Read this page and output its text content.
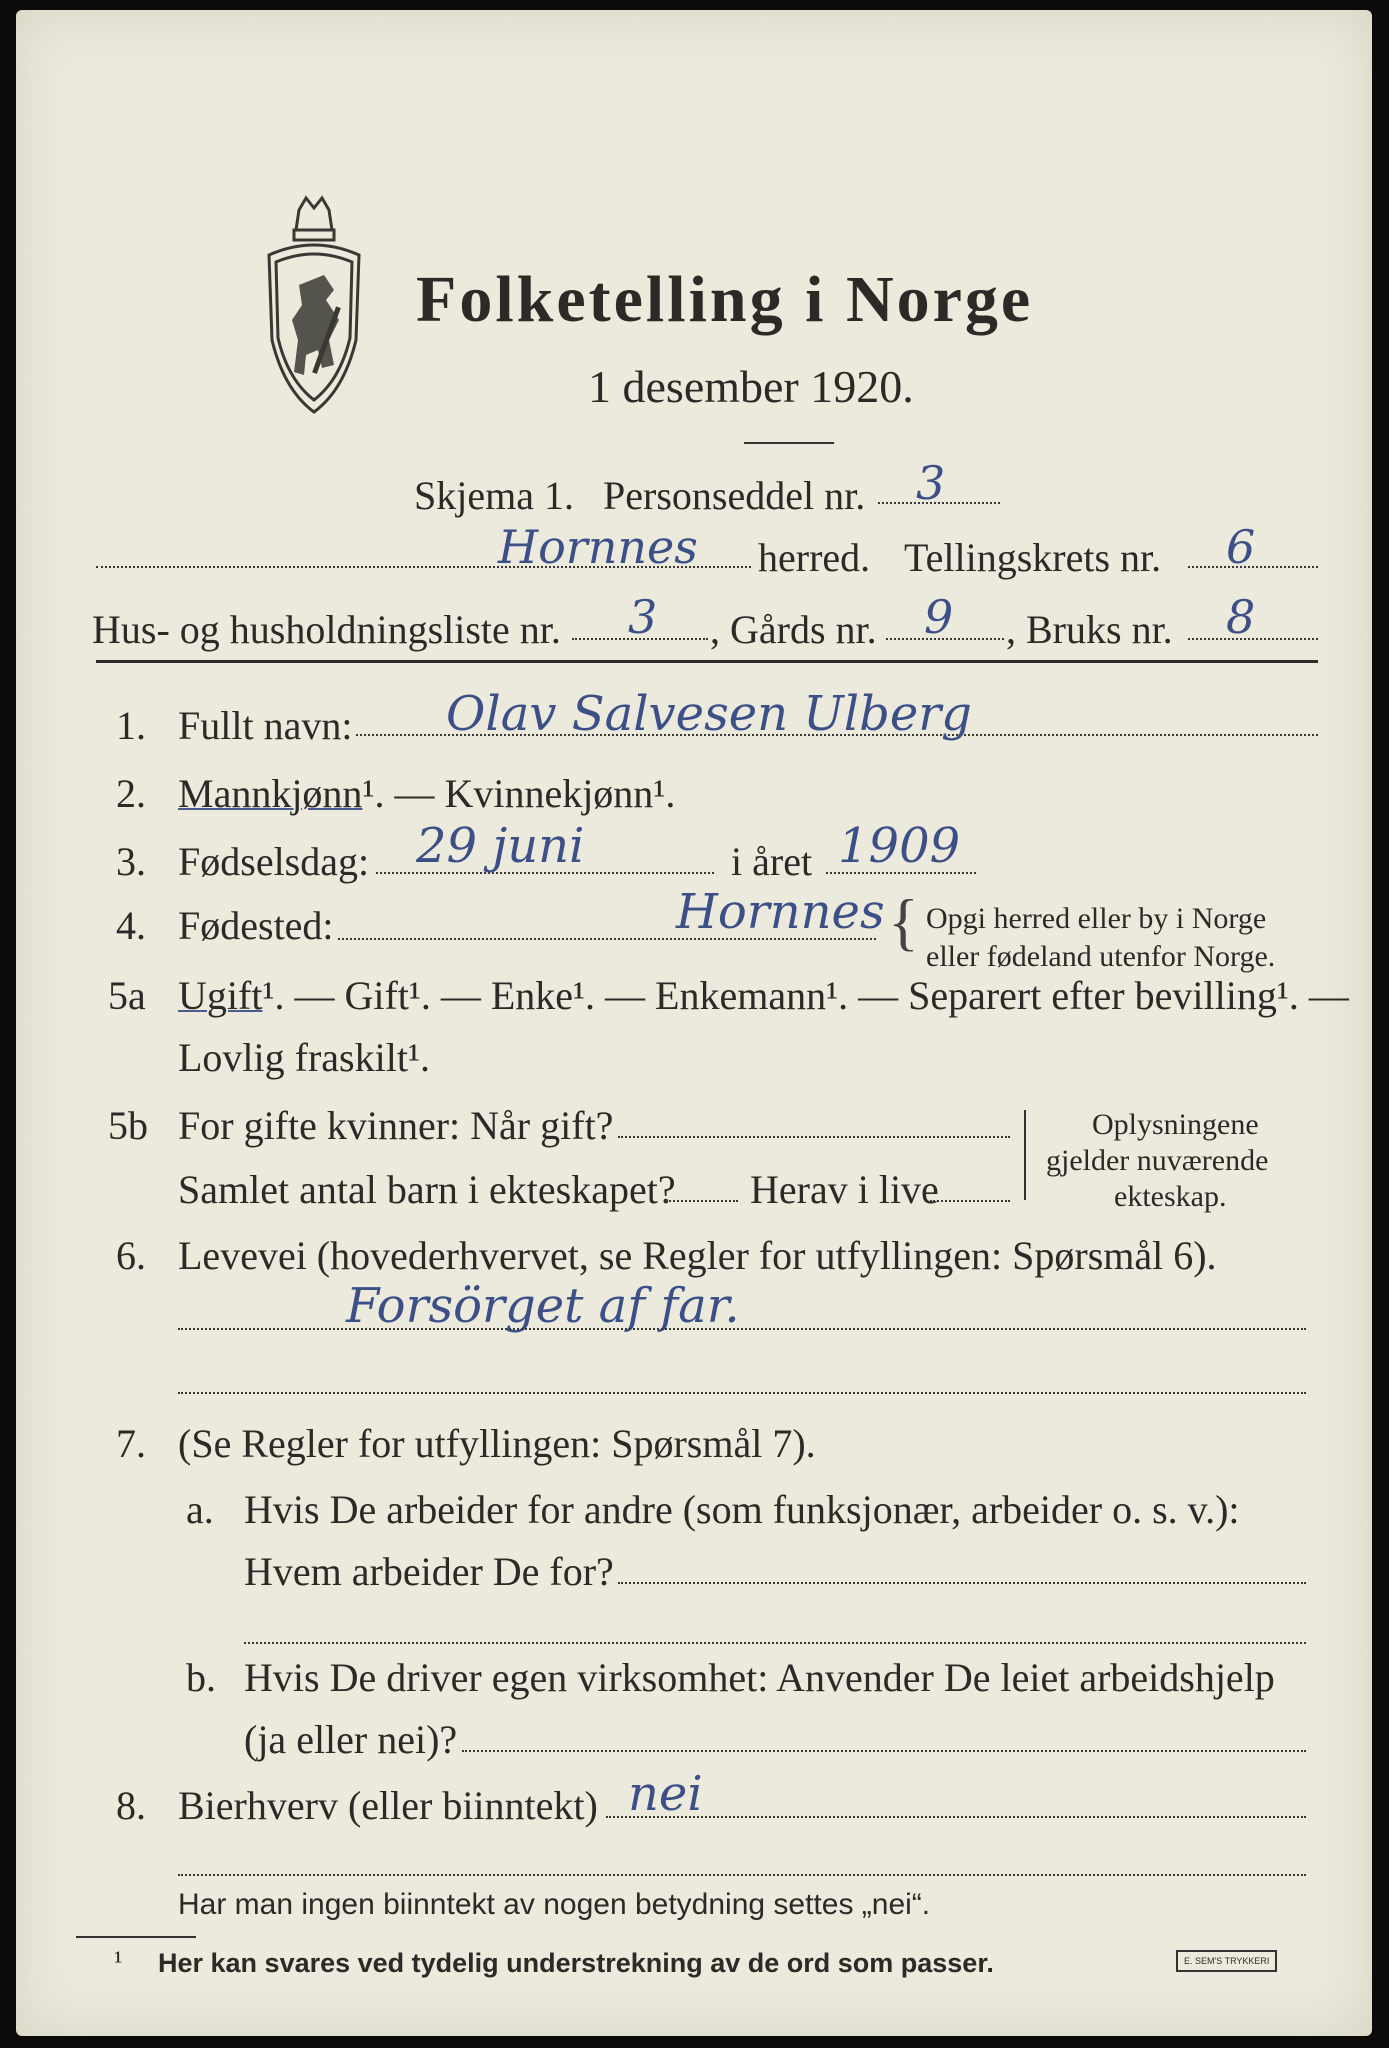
Folketelling i Norge
1 desember 1920.
Skjema 1. Personseddel nr. 3
Hornnes herred. Tellingskrets nr. 6
Hus- og husholdningsliste nr. 3 , Gårds nr. 9 , Bruks nr. 8
1. Fullt navn: Olav Salvesen Ulberg
2. Mannkjønn¹. — Kvinnekjønn¹.
3. Fødselsdag: 29 juni	i året 1909
4. Fødested:	Hornnes { Opgi herred eller by i Norge
eller fødeland utenfor Norge.
5a Ugift¹. — Gift¹. — Enke¹. — Enkemann¹. — Separert efter bevilling¹. —
Lovlig fraskilt¹.
5b For gifte kvinner: Når gift?
Samlet antal barn i ekteskapet? Herav i live
Oplysningene
gjelder nuværende
ekteskap.
6. Levevei (hovederhvervet, se Regler for utfyllingen: Spørsmål 6).
Forsörget af far.
7. (Se Regler for utfyllingen: Spørsmål 7).
a. Hvis De arbeider for andre (som funksjonær, arbeider o. s. v.):
Hvem arbeider De for?
b. Hvis De driver egen virksomhet: Anvender De leiet arbeidshjelp
(ja eller nei)?
8. Bierhverv (eller biinntekt) nei
Har man ingen biinntekt av nogen betydning settes „nei“.
¹ Her kan svares ved tydelig understrekning av de ord som passer.	E. SEM'S TRYKKERI
